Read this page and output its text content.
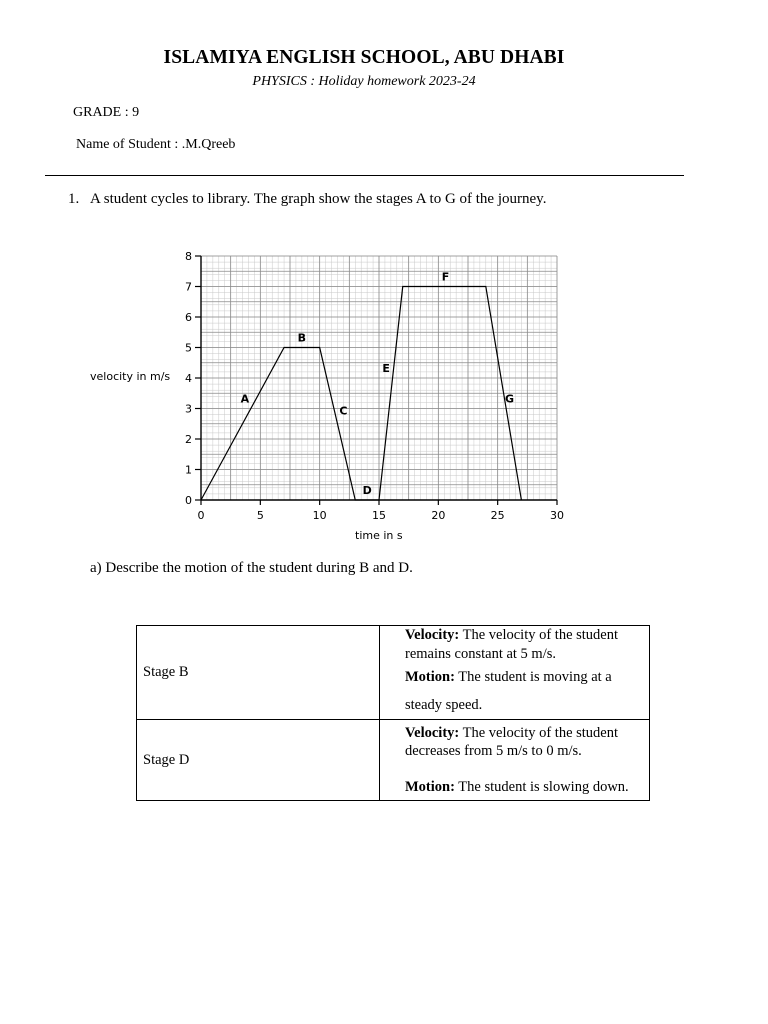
ISLAMIYA ENGLISH SCHOOL, ABU DHABI
PHYSICS : Holiday homework 2023-24
GRADE : 9
Name of Student : .M.Qreeb
1. A student cycles to library. The graph show the stages A to G of the journey.
0	5	10	15	20	25	30
0
1
2
3
4
5
6
7
8
A
B
C
D
E
F
G
velocity in m/s
time in s
a) Describe the motion of the student during B and D.
Stage B	Velocity: The velocity of the student remains constant at 5 m/s.
Motion: The student is moving at a steady speed.

Stage D	Velocity: The velocity of the student decreases from 5 m/s to 0 m/s.
Motion: The student is slowing down.
